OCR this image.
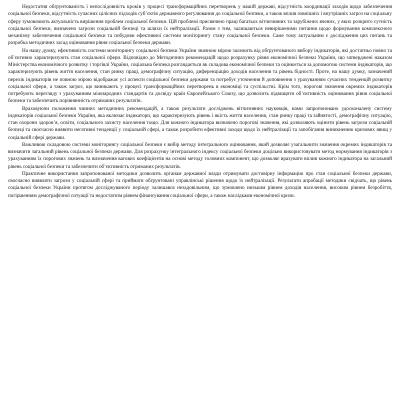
Недостатня обґрунтованість і непослідовність кроків у процесі трансформаційних перетворень у нашій державі, відсутність координації заходів щодо забезпечення соціальної безпеки, відсутність сучасних цілісних підходів суб’єктів державного регулювання до соціальної безпеки, а також вплив зовнішніх і внутрішніх загроз на соціальну сферу зумовлюють актуальність вирішення проблем соціальної безпеки. Цій проблемі присвячено праці багатьох вітчизняних та зарубіжних вчених, у яких розкрито сутність соціальної безпеки, визначено загрози соціальній безпеці та шляхи їх нейтралізації. Разом з тим, залишаються невирішеними питання щодо формування комплексного механізму забезпечення соціальної безпеки та побудови ефективної системи моніторингу стану соціальної безпеки. Саме тому актуальним є дослідження цих питань та розробка методичних засад оцінювання рівня соціальної безпеки держави.

На нашу думку, ефективність системи моніторингу соціальної безпеки України значною мірою залежить від обґрунтованого вибору індикаторів, які достатньо повно та об’єктивно характеризують стан соціальної сфери. Відповідно до Методичних рекомендацій щодо розрахунку рівня економічної безпеки України, що затверджені наказом Міністерства економічного розвитку і торгівлі України, соціальна безпека розглядається як складова економічної безпеки та оцінюється за допомогою системи індикаторів, що характеризують рівень життя населення, стан ринку праці, демографічну ситуацію, диференціацію доходів населення та рівень бідності. Проте, на нашу думку, зазначений перелік індикаторів не повною мірою відображає усі аспекти соціальної безпеки держави та потребує уточнення й доповнення з урахуванням сучасних тенденцій розвитку соціальної сфери, а також загроз, що виникають у процесі трансформаційних перетворень в економіці та суспільстві. Крім того, порогові значення окремих індикаторів потребують перегляду з урахуванням міжнародних стандартів та досвіду країн Європейського Союзу, що дозволить підвищити об’єктивність оцінювання рівня соціальної безпеки та забезпечить порівнянність отриманих результатів.

Враховуючи положення чинних методичних рекомендацій, а також результати досліджень вітчизняних науковців, нами запропоновано удосконалену систему індикаторів соціальної безпеки України, яка включає індикатори, що характеризують рівень і якість життя населення, стан ринку праці та зайнятості, демографічну ситуацію, стан охорони здоров’я, освіти, соціального захисту населення тощо. Для кожного індикатора визначено порогові значення, які дозволяють оцінити рівень загрози соціальній безпеці та своєчасно виявити негативні тенденції у соціальній сфері, а також розробити ефективні заходи щодо їх нейтралізації та запобігання виникненню кризових явищ у соціальній сфері держави.

Важливою складовою системи моніторингу соціальної безпеки є вибір методу інтегрального оцінювання, який дозволяє узагальнити значення окремих індикаторів та визначити загальний рівень соціальної безпеки держави. Для розрахунку інтегрального індексу соціальної безпеки доцільно використовувати метод нормування індикаторів з урахуванням їх порогових значень та визначення вагових коефіцієнтів на основі методу головних компонент, що дозволяє врахувати вплив кожного індикатора на загальний рівень соціальної безпеки та забезпечити об’єктивність отриманих результатів.

Практичне використання запропонованої методики дозволить органам державної влади отримувати достовірну інформацію про стан соціальної безпеки держави, своєчасно виявляти загрози у соціальній сфері та приймати обґрунтовані управлінські рішення щодо їх нейтралізації. Результати апробації методики свідчать, що рівень соціальної безпеки України протягом досліджуваного періоду залишався незадовільним, що зумовлено низьким рівнем доходів населення, високим рівнем безробіття, погіршенням демографічної ситуації та недостатнім рівнем фінансування соціальної сфери, а також наслідками економічної кризи.
